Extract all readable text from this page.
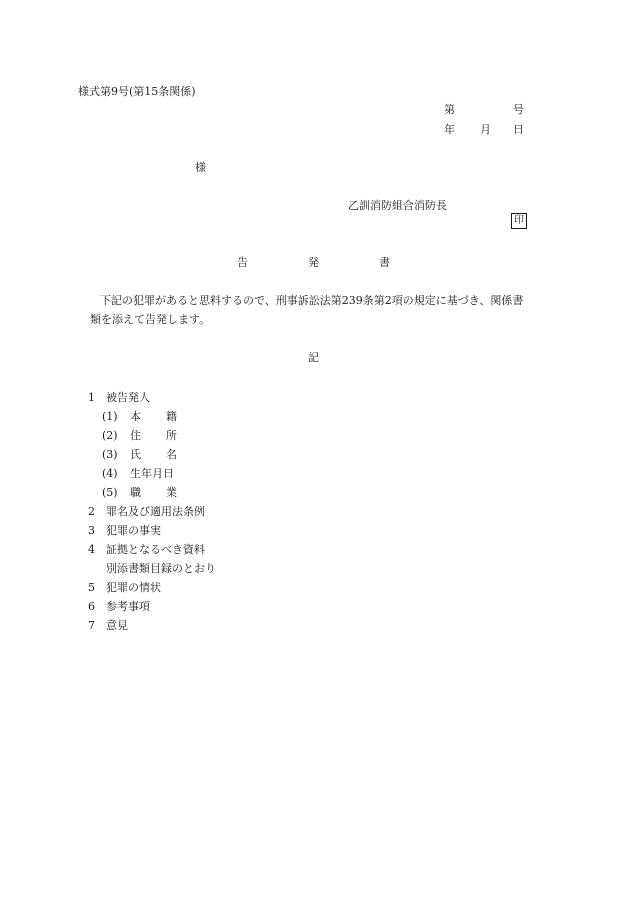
様式第9号(第15条関係)
第	号
年 月 日
様
乙訓消防組合消防長
印
告	発	書
下記の犯罪があると思料するので、刑事訴訟法第239条第2項の規定に基づき、関係書
類を添えて告発します。
記
1 被告発人
(1) 本 籍
(2) 住 所
(3) 氏 名
(4) 生年月日
(5) 職 業
2 罪名及び適用法条例
3 犯罪の事実
4 証拠となるべき資料
別添書類目録のとおり
5 犯罪の情状
6 参考事項
7 意見
